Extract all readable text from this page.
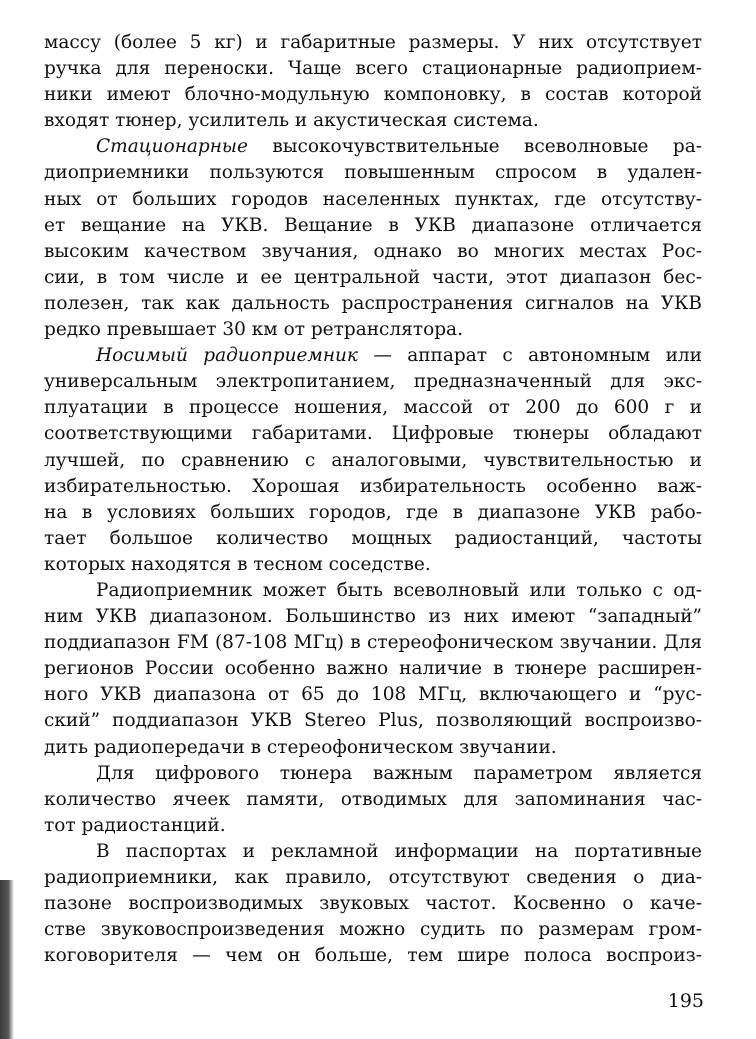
массу (более 5 кг) и габаритные размеры. У них отсутствует
ручка для переноски. Чаще всего стационарные радиоприем-
ники имеют блочно-модульную компоновку, в состав которой
входят тюнер, усилитель и акустическая система.

Стационарные высокочувствительные всеволновые ра-
диоприемники пользуются повышенным спросом в удален-
ных от больших городов населенных пунктах, где отсутству-
ет вещание на УКВ. Вещание в УКВ диапазоне отличается
высоким качеством звучания, однако во многих местах Рос-
сии, в том числе и ее центральной части, этот диапазон бес-
полезен, так как дальность распространения сигналов на УКВ
редко превышает 30 км от ретранслятора.

Носимый радиоприемник — аппарат с автономным или
универсальным электропитанием, предназначенный для экс-
плуатации в процессе ношения, массой от 200 до 600 г и
соответствующими габаритами. Цифровые тюнеры обладают
лучшей, по сравнению с аналоговыми, чувствительностью и
избирательностью. Хорошая избирательность особенно важ-
на в условиях больших городов, где в диапазоне УКВ рабо-
тает большое количество мощных радиостанций, частоты
которых находятся в тесном соседстве.

Радиоприемник может быть всеволновый или только с од-
ним УКВ диапазоном. Большинство из них имеют “западный”
поддиапазон FM (87-108 МГц) в стереофоническом звучании. Для
регионов России особенно важно наличие в тюнере расширен-
ного УКВ диапазона от 65 до 108 МГц, включающего и “рус-
ский” поддиапазон УКВ Stereo Plus, позволяющий воспроизво-
дить радиопередачи в стереофоническом звучании.

Для цифрового тюнера важным параметром является
количество ячеек памяти, отводимых для запоминания час-
тот радиостанций.

В паспортах и рекламной информации на портативные
радиоприемники, как правило, отсутствуют сведения о диа-
пазоне воспроизводимых звуковых частот. Косвенно о каче-
стве звуковоспроизведения можно судить по размерам гром-
коговорителя — чем он больше, тем шире полоса воспроиз-

195
